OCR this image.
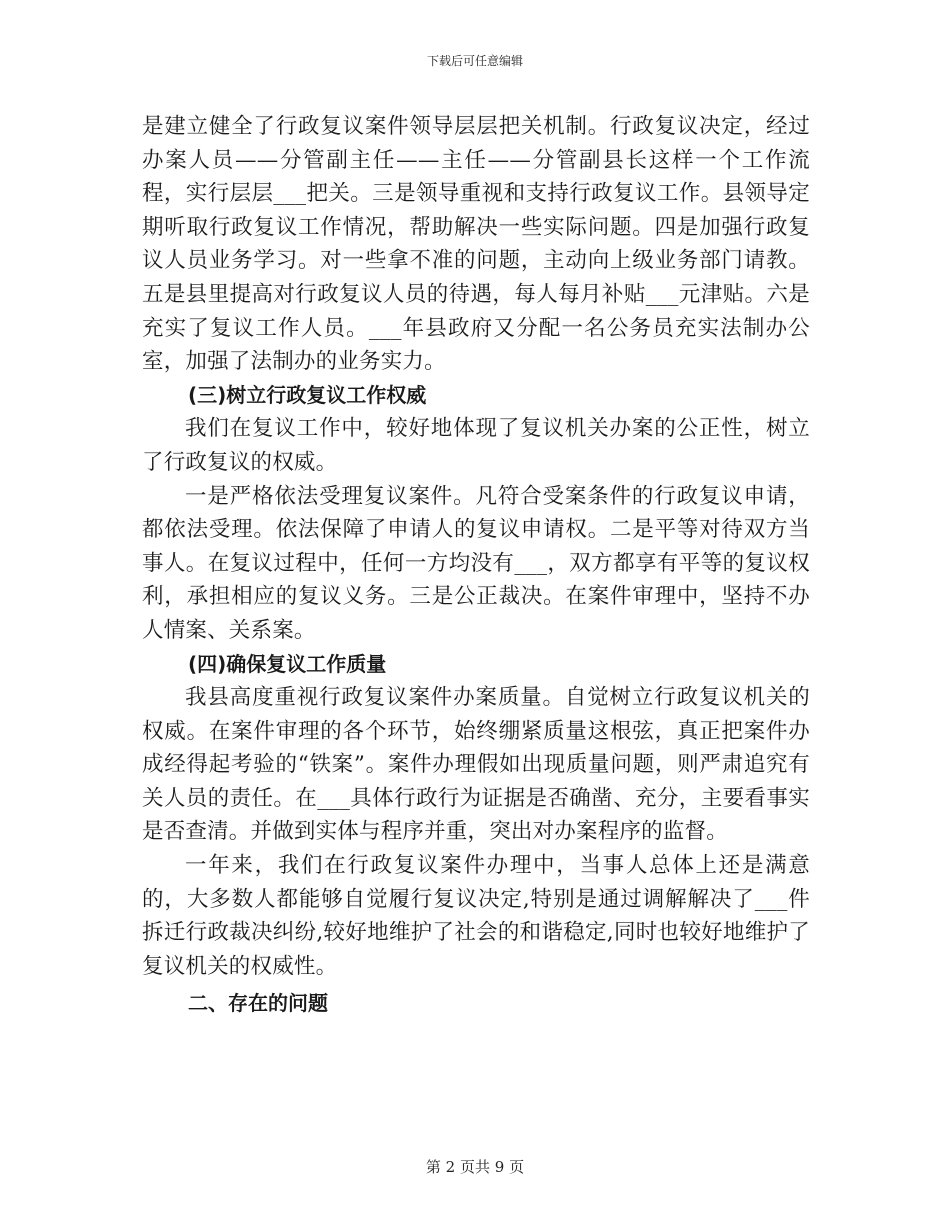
下载后可任意编辑

是建立健全了行政复议案件领导层层把关机制。行政复议决定，经过办案人员——分管副主任——主任——分管副县长这样一个工作流程，实行层层___把关。三是领导重视和支持行政复议工作。县领导定期听取行政复议工作情况，帮助解决一些实际问题。四是加强行政复议人员业务学习。对一些拿不准的问题，主动向上级业务部门请教。五是县里提高对行政复议人员的待遇，每人每月补贴___元津贴。六是充实了复议工作人员。___年县政府又分配一名公务员充实法制办公室，加强了法制办的业务实力。

(三)树立行政复议工作权威

我们在复议工作中，较好地体现了复议机关办案的公正性，树立了行政复议的权威。

一是严格依法受理复议案件。凡符合受案条件的行政复议申请，都依法受理。依法保障了申请人的复议申请权。二是平等对待双方当事人。在复议过程中，任何一方均没有___，双方都享有平等的复议权利，承担相应的复议义务。三是公正裁决。在案件审理中，坚持不办人情案、关系案。

(四)确保复议工作质量

我县高度重视行政复议案件办案质量。自觉树立行政复议机关的权威。在案件审理的各个环节，始终绷紧质量这根弦，真正把案件办成经得起考验的“铁案”。案件办理假如出现质量问题，则严肃追究有关人员的责任。在___具体行政行为证据是否确凿、充分，主要看事实是否查清。并做到实体与程序并重，突出对办案程序的监督。

一年来，我们在行政复议案件办理中，当事人总体上还是满意的，大多数人都能够自觉履行复议决定,特别是通过调解解决了___件拆迁行政裁决纠纷,较好地维护了社会的和谐稳定,同时也较好地维护了复议机关的权威性。

二、存在的问题

第 2 页共 9 页
